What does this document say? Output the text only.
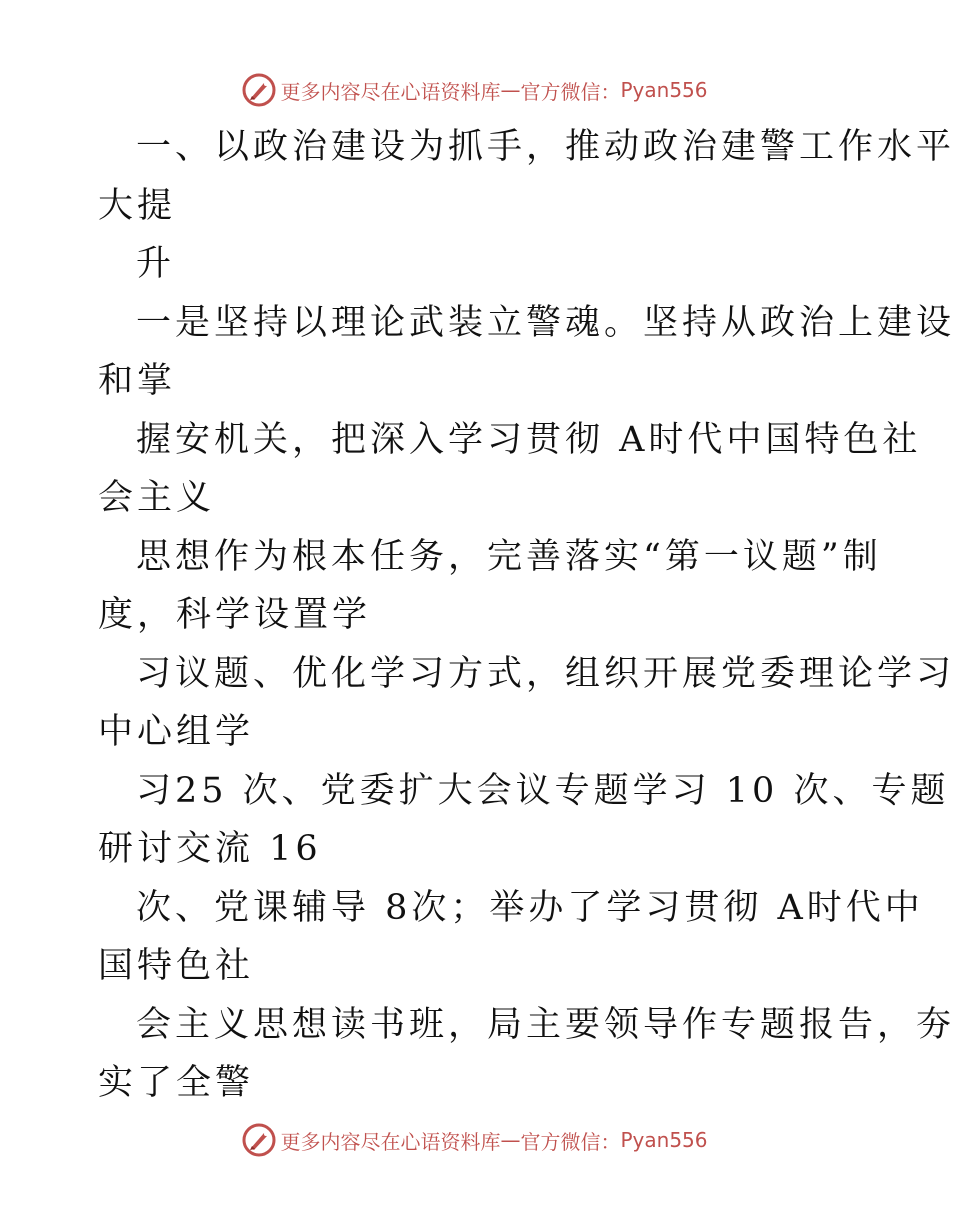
更多内容尽在心语资料库 — 官方微信： Pyan556
一、以政治建设为抓手，推动政治建警工作水平
大提
升
一是坚持以理论武装立警魂。坚持从政治上建设
和掌
握安机关，把深入学习贯彻 A时代中国特色社
会主义
思想作为根本任务，完善落实“第一议题”制
度，科学设置学
习议题、优化学习方式，组织开展党委理论学习
中心组学
习25 次、党委扩大会议专题学习 10 次、专题
研讨交流 16
次、党课辅导 8次；举办了学习贯彻 A时代中
国特色社
会主义思想读书班，局主要领导作专题报告，夯
实了全警
更多内容尽在心语资料库 — 官方微信： Pyan556
